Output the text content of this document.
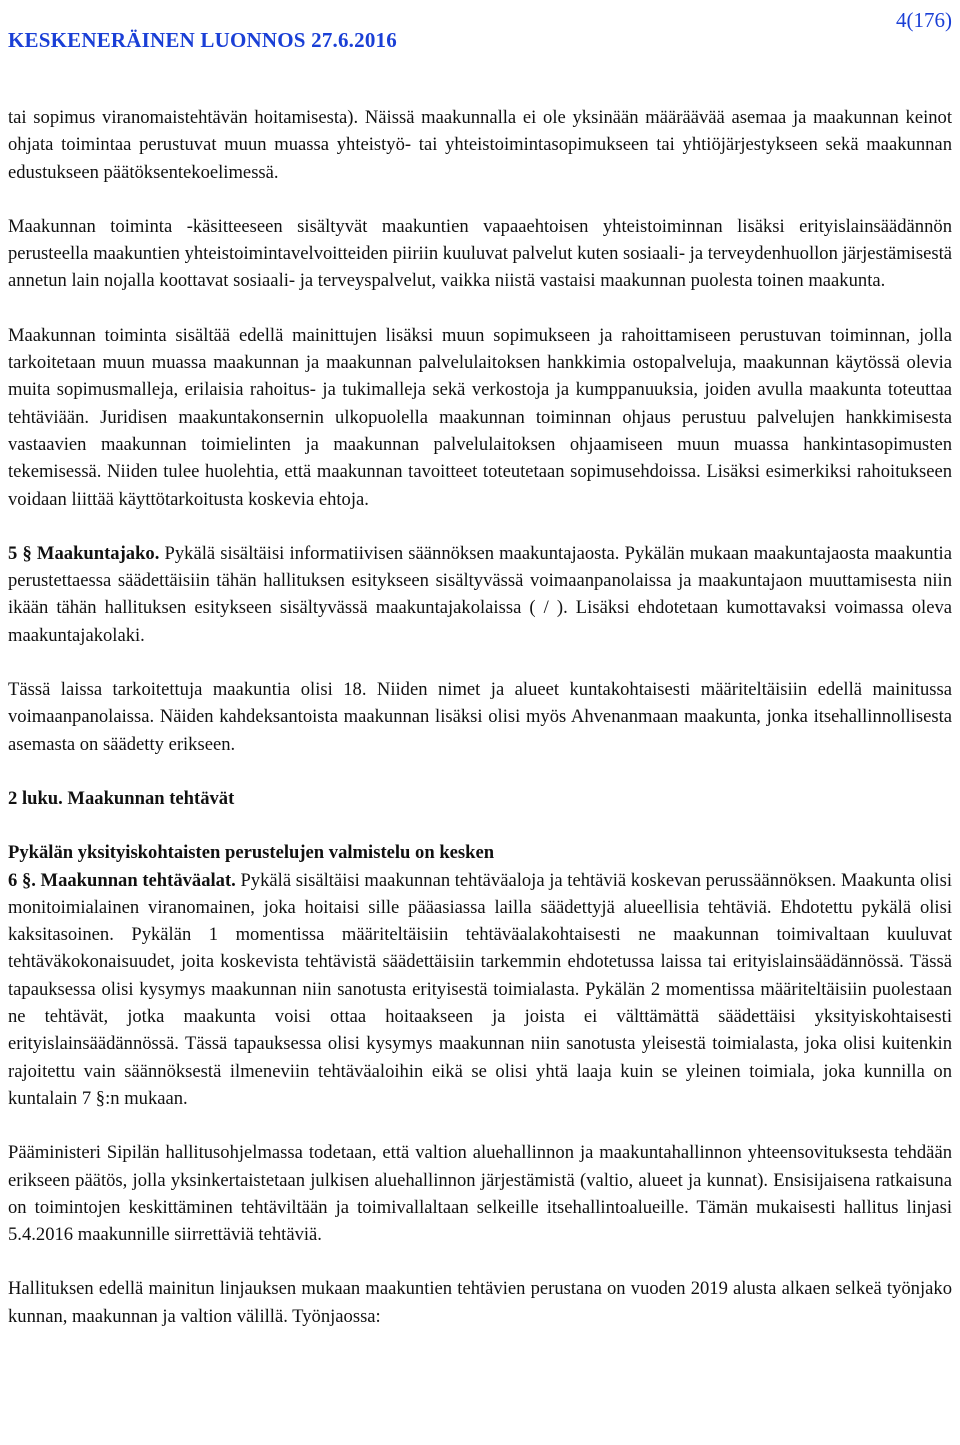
KESKENERÄINEN LUONNOS 27.6.2016
4(176)

tai sopimus viranomaistehtävän hoitamisesta). Näissä maakunnalla ei ole yksinään määräävää asemaa ja maakunnan keinot ohjata toimintaa perustuvat muun muassa yhteistyö- tai yhteistoimintasopimukseen tai yhtiöjärjestykseen sekä maakunnan edustukseen päätöksentekoelimessä.

Maakunnan toiminta -käsitteeseen sisältyvät maakuntien vapaaehtoisen yhteistoiminnan lisäksi erityislainsäädännön perusteella maakuntien yhteistoimintavelvoitteiden piiriin kuuluvat palvelut kuten sosiaali- ja terveydenhuollon järjestämisestä annetun lain nojalla koottavat sosiaali- ja terveyspalvelut, vaikka niistä vastaisi maakunnan puolesta toinen maakunta.

Maakunnan toiminta sisältää edellä mainittujen lisäksi muun sopimukseen ja rahoittamiseen perustuvan toiminnan, jolla tarkoitetaan muun muassa maakunnan ja maakunnan palvelulaitoksen hankkimia ostopalveluja, maakunnan käytössä olevia muita sopimusmalleja, erilaisia rahoitus- ja tukimalleja sekä verkostoja ja kumppanuuksia, joiden avulla maakunta toteuttaa tehtäviään. Juridisen maakuntakonsernin ulkopuolella maakunnan toiminnan ohjaus perustuu palvelujen hankkimisesta vastaavien maakunnan toimielinten ja maakunnan palvelulaitoksen ohjaamiseen muun muassa hankintasopimusten tekemisessä. Niiden tulee huolehtia, että maakunnan tavoitteet toteutetaan sopimusehdoissa. Lisäksi esimerkiksi rahoitukseen voidaan liittää käyttötarkoitusta koskevia ehtoja.

5 § Maakuntajako. Pykälä sisältäisi informatiivisen säännöksen maakuntajaosta. Pykälän mukaan maakuntajaosta maakuntia perustettaessa säädettäisiin tähän hallituksen esitykseen sisältyvässä voimaanpanolaissa ja maakuntajaon muuttamisesta niin ikään tähän hallituksen esitykseen sisältyvässä maakuntajakolaissa ( / ). Lisäksi ehdotetaan kumottavaksi voimassa oleva maakuntajakolaki.

Tässä laissa tarkoitettuja maakuntia olisi 18. Niiden nimet ja alueet kuntakohtaisesti määriteltäisiin edellä mainitussa voimaanpanolaissa. Näiden kahdeksantoista maakunnan lisäksi olisi myös Ahvenanmaan maakunta, jonka itsehallinnollisesta asemasta on säädetty erikseen.

2 luku. Maakunnan tehtävät
Pykälän yksityiskohtaisten perustelujen valmistelu on kesken

6 §. Maakunnan tehtäväalat. Pykälä sisältäisi maakunnan tehtäväaloja ja tehtäviä koskevan perussäännöksen. Maakunta olisi monitoimialainen viranomainen, joka hoitaisi sille pääasiassa lailla säädettyjä alueellisia tehtäviä. Ehdotettu pykälä olisi kaksitasoinen. Pykälän 1 momentissa määriteltäisiin tehtäväalakohtaisesti ne maakunnan toimivaltaan kuuluvat tehtäväkokonaisuudet, joita koskevista tehtävistä säädettäisiin tarkemmin ehdotetussa laissa tai erityislainsäädännössä. Tässä tapauksessa olisi kysymys maakunnan niin sanotusta erityisestä toimialasta. Pykälän 2 momentissa määriteltäisiin puolestaan ne tehtävät, jotka maakunta voisi ottaa hoitaakseen ja joista ei välttämättä säädettäisi yksityiskohtaisesti erityislainsäädännössä. Tässä tapauksessa olisi kysymys maakunnan niin sanotusta yleisestä toimialasta, joka olisi kuitenkin rajoitettu vain säännöksestä ilmeneviin tehtäväaloihin eikä se olisi yhtä laaja kuin se yleinen toimiala, joka kunnilla on kuntalain 7 §:n mukaan.

Pääministeri Sipilän hallitusohjelmassa todetaan, että valtion aluehallinnon ja maakuntahallinnon yhteensovituksesta tehdään erikseen päätös, jolla yksinkertaistetaan julkisen aluehallinnon järjestämistä (valtio, alueet ja kunnat). Ensisijaisena ratkaisuna on toimintojen keskittäminen tehtäviltään ja toimivallaltaan selkeille itsehallintoalueille. Tämän mukaisesti hallitus linjasi 5.4.2016 maakunnille siirrettäviä tehtäviä.

Hallituksen edellä mainitun linjauksen mukaan maakuntien tehtävien perustana on vuoden 2019 alusta alkaen selkeä työnjako kunnan, maakunnan ja valtion välillä. Työnjaossa:
